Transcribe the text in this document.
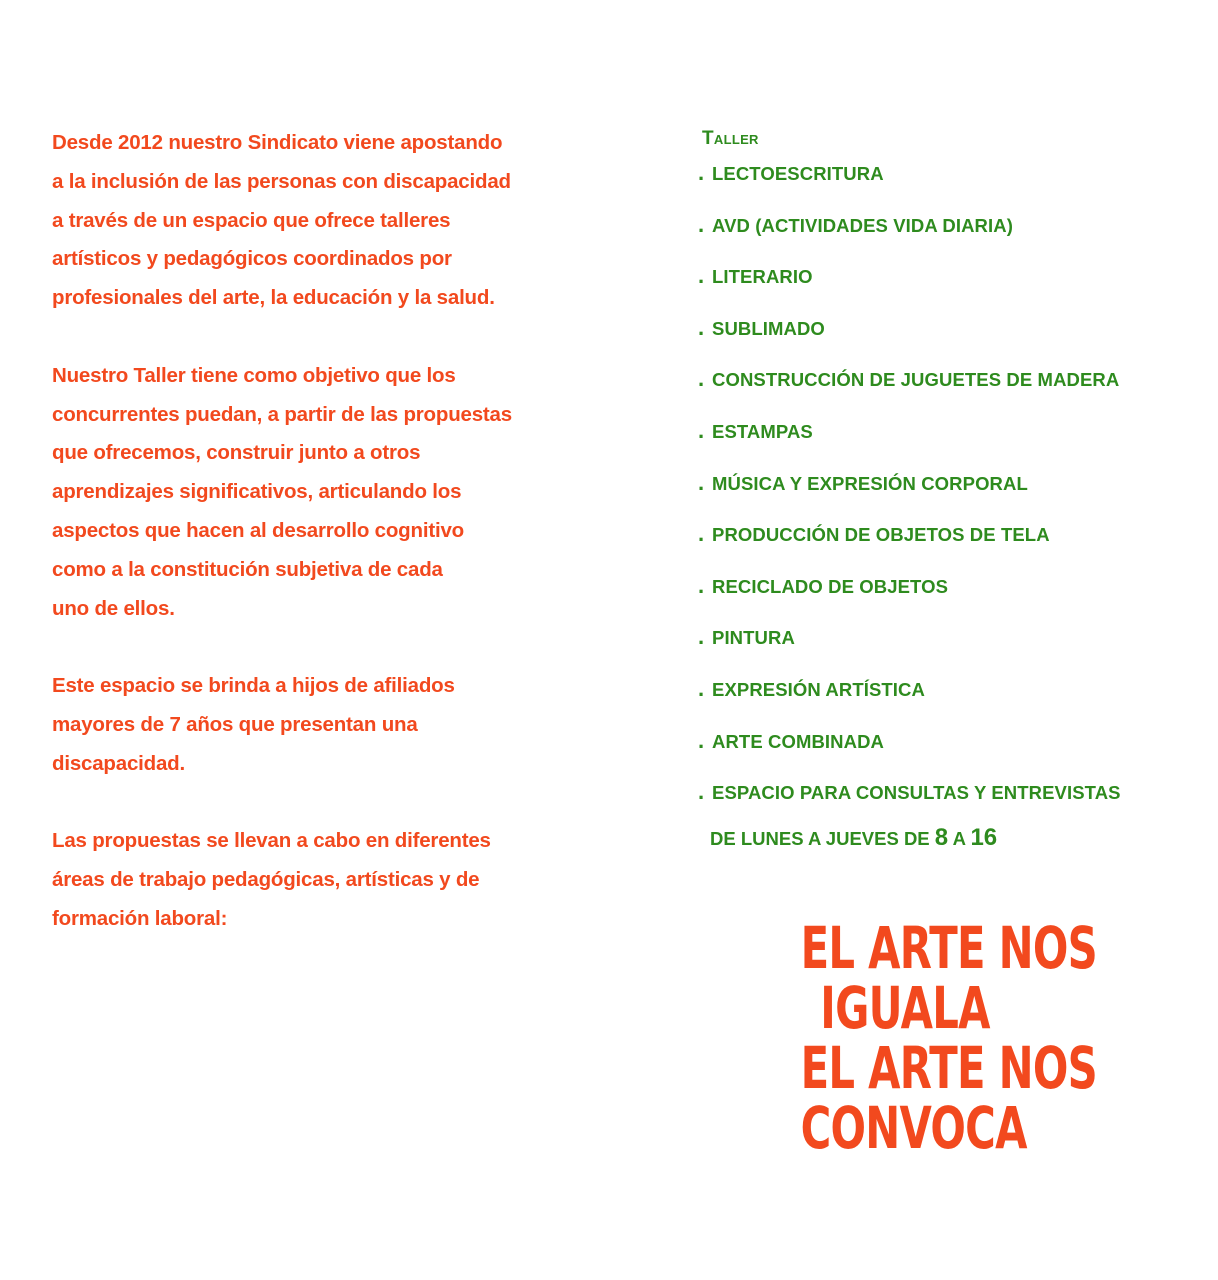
Desde 2012 nuestro Sindicato viene apostando
a la inclusión de las personas con discapacidad
a través de un espacio que ofrece talleres
artísticos y pedagógicos coordinados por
profesionales del arte, la educación y la salud.

Nuestro Taller tiene como objetivo que los
concurrentes puedan, a partir de las propuestas
que ofrecemos, construir junto a otros
aprendizajes significativos, articulando los
aspectos que hacen al desarrollo cognitivo
como a la constitución subjetiva de cada
uno de ellos.

Este espacio se brinda a hijos de afiliados
mayores de 7 años que presentan una
discapacidad.

Las propuestas se llevan a cabo en diferentes
áreas de trabajo pedagógicas, artísticas y de
formación laboral:

Taller
. LECTOESCRITURA
. AVD (ACTIVIDADES VIDA DIARIA)
. LITERARIO
. SUBLIMADO
. CONSTRUCCIÓN DE JUGUETES DE MADERA
. ESTAMPAS
. MÚSICA Y EXPRESIÓN CORPORAL
. PRODUCCIÓN DE OBJETOS DE TELA
. RECICLADO DE OBJETOS
. PINTURA
. EXPRESIÓN ARTÍSTICA
. ARTE COMBINADA
. ESPACIO PARA CONSULTAS Y ENTREVISTAS
DE LUNES A JUEVES DE 8 A 16
EL ARTE NOS
IGUALA
EL ARTE NOS
CONVOCA
